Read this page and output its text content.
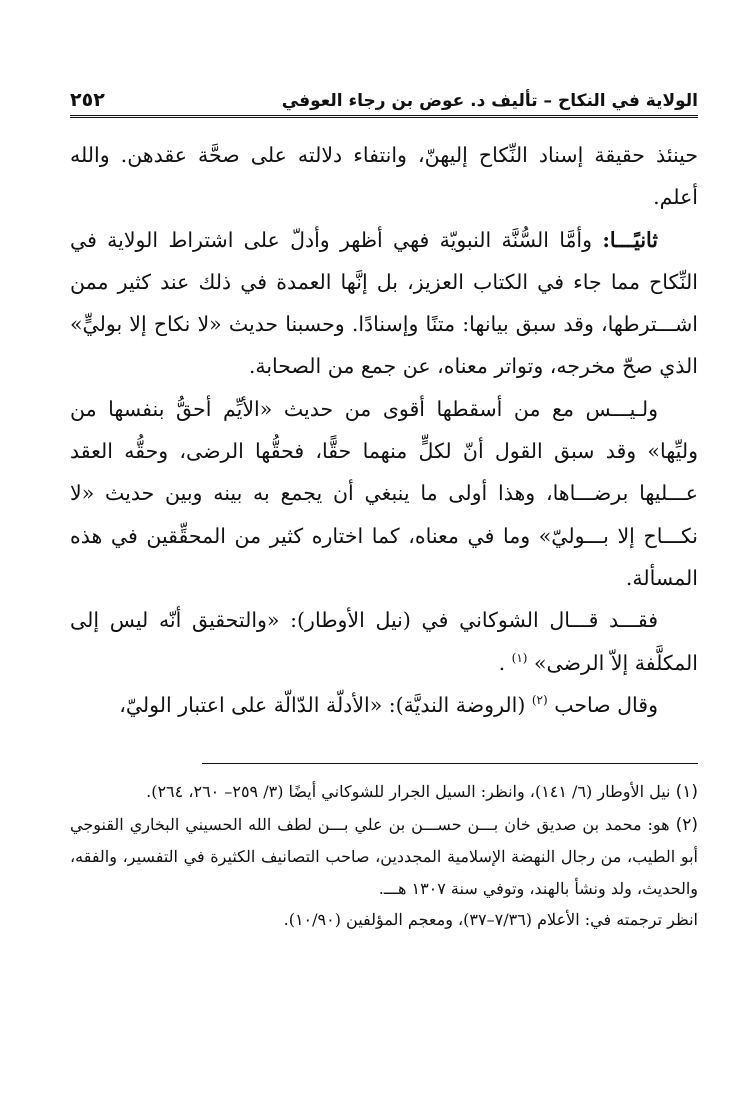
الولاية في النكاح – تأليف د. عوض بن رجاء العوفي
٢٥٢

حينئذ حقيقة إسناد النِّكاح إليهنّ، وانتفاء دلالته على صحَّة عقدهن. والله أعلم.

ثانيًـــا: وأمَّا السُّنَّة النبويّة فهي أظهر وأدلّ على اشتراط الولاية في النِّكاح مما جاء في الكتاب العزيز، بل إنَّها العمدة في ذلك عند كثير ممن اشـــترطها، وقد سبق بيانها: متنًا وإسنادًا. وحسبنا حديث «لا نكاح إلا بوليٍّ» الذي صحّ مخرجه، وتواتر معناه، عن جمع من الصحابة.

ولـيـــس مع من أسقطها أقوى من حديث «الأيِّم أحقُّ بنفسها من وليِّها» وقد سبق القول أنّ لكلٍّ منهما حقًّا، فحقُّها الرضى، وحقُّه العقد عـــليها برضـــاها، وهذا أولى ما ينبغي أن يجمع به بينه وبين حديث «لا نكـــاح إلا بـــوليّ» وما في معناه، كما اختاره كثير من المحقِّقين في هذه المسألة.

فقـــد قـــال الشوكاني في (نيل الأوطار): «والتحقيق أنّه ليس إلى المكلَّفة إلاّ الرضى» $^{(١)}$ .

وقال صاحب $^{(٢)}$ (الروضة النديَّة): «الأدلّة الدّالّة على اعتبار الوليّ،

(١) نيل الأوطار (٦/ ١٤١)، وانظر: السيل الجرار للشوكاني أيضًا (٣/ ٢٥٩– ٢٦٠، ٢٦٤).

(٢) هو: محمد بن صديق خان بـــن حســـن بن علي بـــن لطف الله الحسيني البخاري القنوجي أبو الطيب، من رجال النهضة الإسلامية المجددين، صاحب التصانيف الكثيرة في التفسير، والفقه، والحديث، ولد ونشأ بالهند، وتوفي سنة ١٣٠٧ هـــ.

انظر ترجمته في: الأعلام (٧/٣٦–٣٧)، ومعجم المؤلفين (١٠/٩٠).
